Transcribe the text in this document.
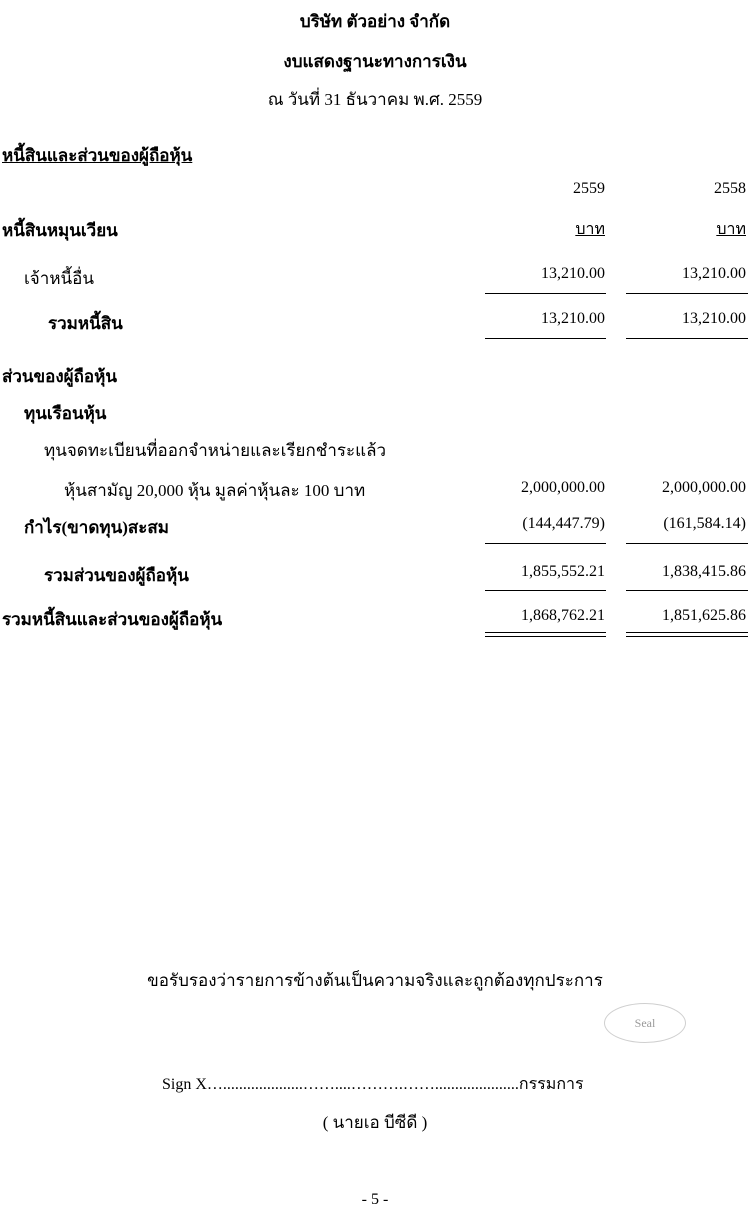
บริษัท ตัวอย่าง จำกัด
งบแสดงฐานะทางการเงิน
ณ วันที่ 31 ธันวาคม พ.ศ. 2559
หนี้สินและส่วนของผู้ถือหุ้น
2559	2558
หนี้สินหมุนเวียน	บาท	บาท
เจ้าหนี้อื่น	13,210.00	13,210.00
รวมหนี้สิน	13,210.00	13,210.00
ส่วนของผู้ถือหุ้น
ทุนเรือนหุ้น
ทุนจดทะเบียนที่ออกจำหน่ายและเรียกชำระแล้ว
หุ้นสามัญ 20,000 หุ้น มูลค่าหุ้นละ 100 บาท	2,000,000.00	2,000,000.00
กำไร(ขาดทุน)สะสม	(144,447.79)	(161,584.14)
รวมส่วนของผู้ถือหุ้น	1,855,552.21	1,838,415.86
รวมหนี้สินและส่วนของผู้ถือหุ้น	1,868,762.21	1,851,625.86
ขอรับรองว่ารายการข้างต้นเป็นความจริงและถูกต้องทุกประการ
Seal
Sign X…....................……....……….…….....................กรรมการ
( นายเอ บีซีดี )
- 5 -
